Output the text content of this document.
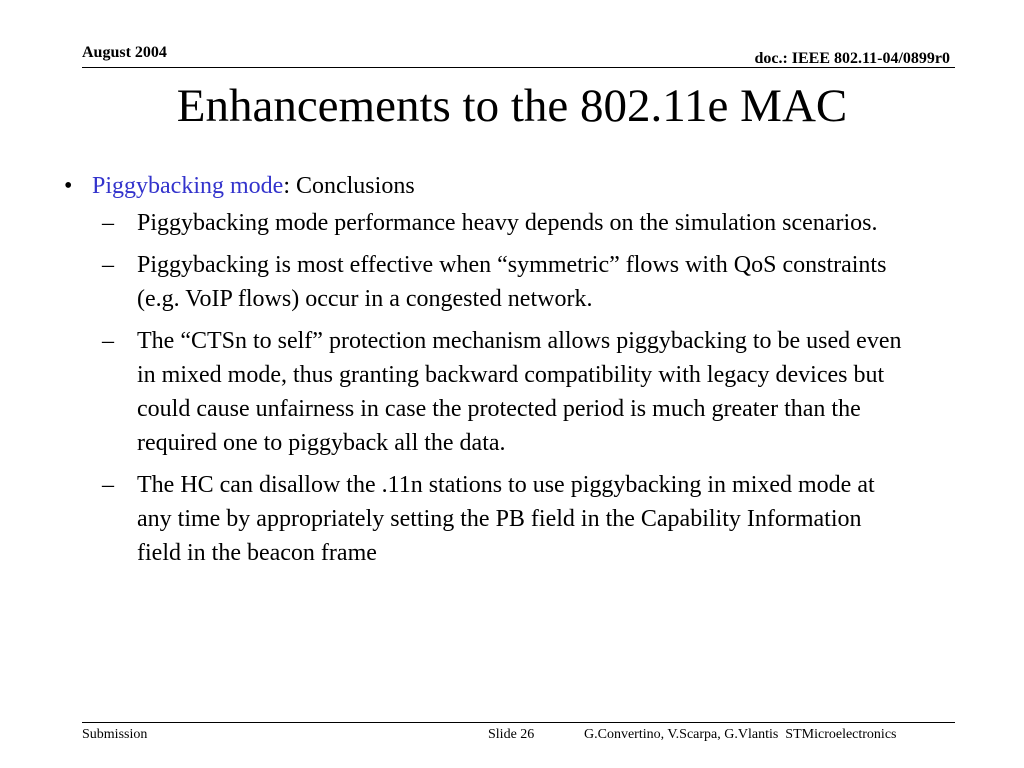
August 2004	doc.: IEEE 802.11-04/0899r0
Enhancements to the 802.11e MAC
• Piggybacking mode: Conclusions
– Piggybacking mode performance heavy depends on the simulation scenarios.
– Piggybacking is most effective when “symmetric” flows with QoS constraints (e.g. VoIP flows) occur in a congested network.
– The “CTSn to self” protection mechanism allows piggybacking to be used even in mixed mode, thus granting backward compatibility with legacy devices but could cause unfairness in case the protected period is much greater than the required one to piggyback all the data.
– The HC can disallow the .11n stations to use piggybacking in mixed mode at any time by appropriately setting the PB field in the Capability Information field in the beacon frame
Submission	Slide 26	G.Convertino, V.Scarpa, G.Vlantis  STMicroelectronics
